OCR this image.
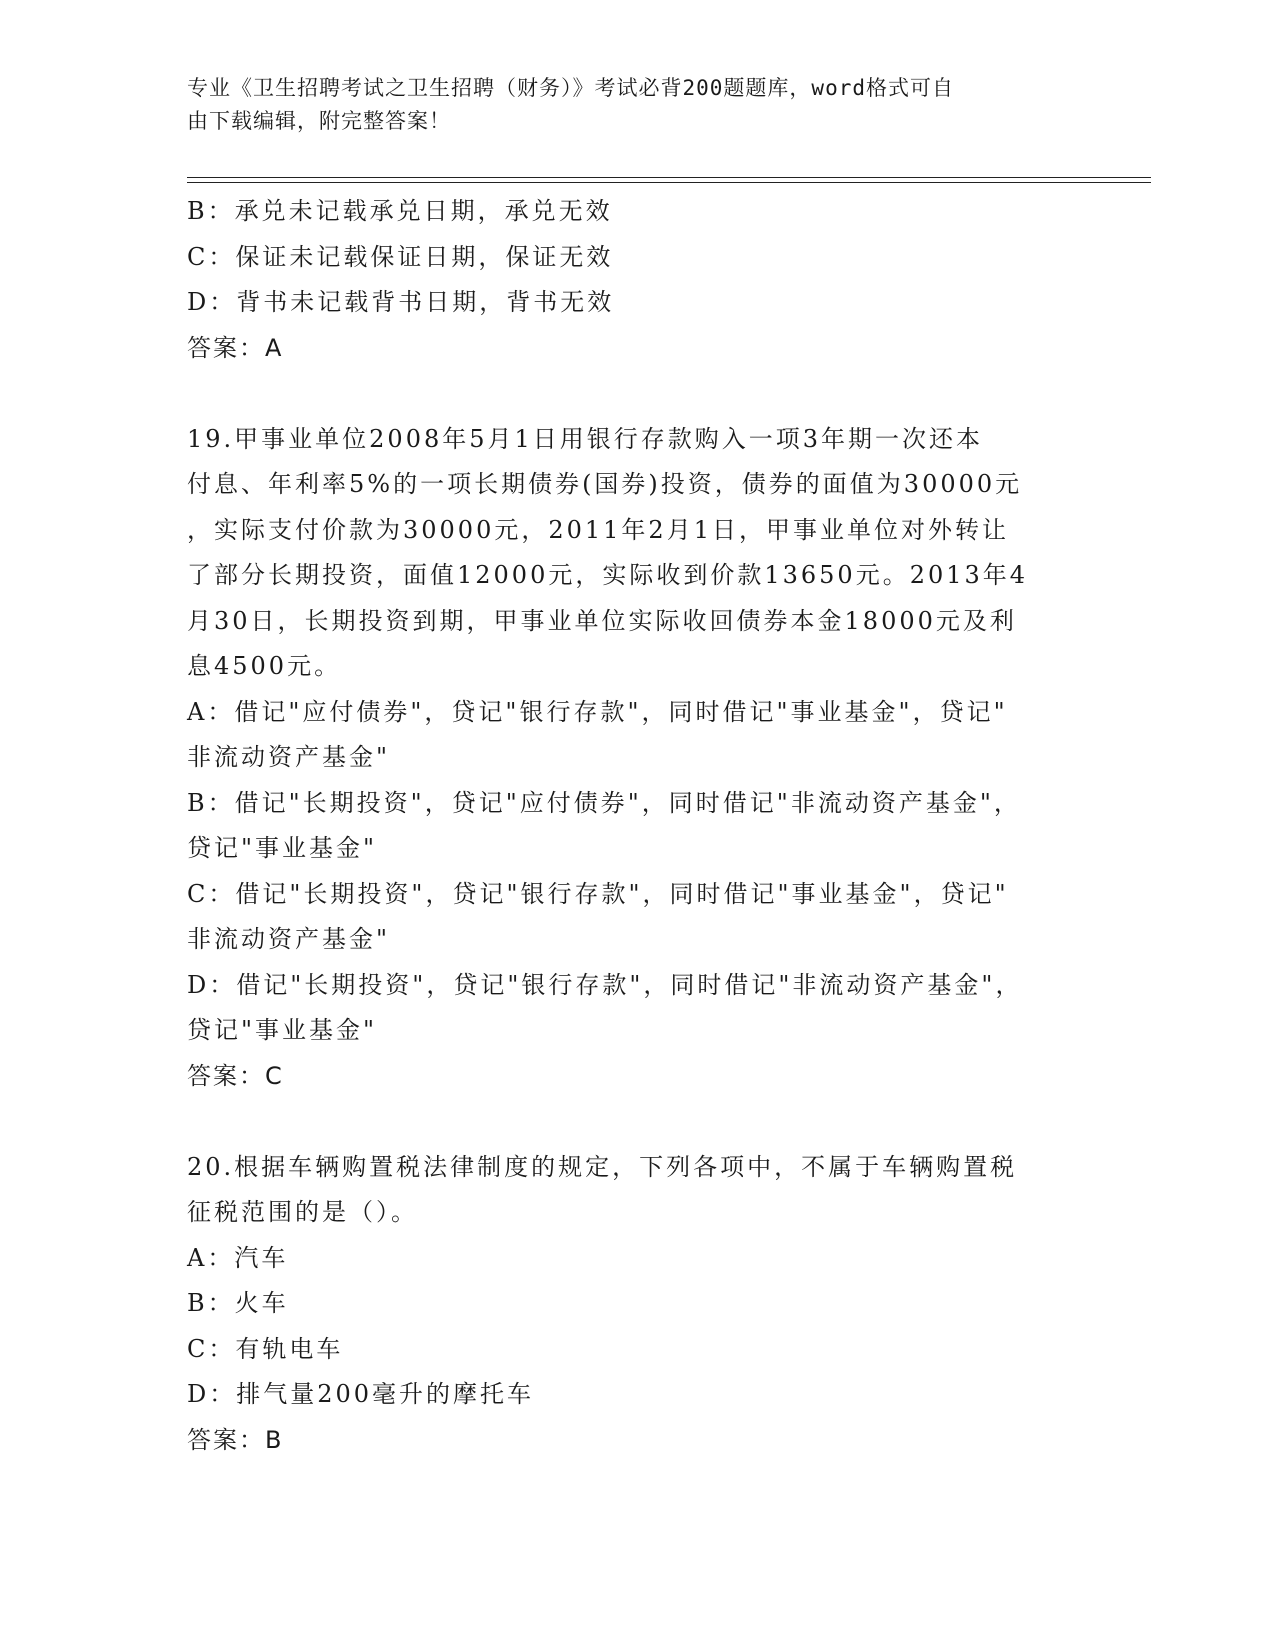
专业《卫生招聘考试之卫生招聘（财务）》考试必背200题题库，word格式可自
由下载编辑，附完整答案！
B：承兑未记载承兑日期，承兑无效
C：保证未记载保证日期，保证无效
D：背书未记载背书日期，背书无效
答案：A
19.甲事业单位2008年5月1日用银行存款购入一项3年期一次还本
付息、年利率5%的一项长期债券(国券)投资，债券的面值为30000元
，实际支付价款为30000元，2011年2月1日，甲事业单位对外转让
了部分长期投资，面值12000元，实际收到价款13650元。2013年4
月30日，长期投资到期，甲事业单位实际收回债券本金18000元及利
息4500元。
A：借记"应付债券"，贷记"银行存款"，同时借记"事业基金"，贷记"
非流动资产基金"
B：借记"长期投资"，贷记"应付债券"，同时借记"非流动资产基金"，
贷记"事业基金"
C：借记"长期投资"，贷记"银行存款"，同时借记"事业基金"，贷记"
非流动资产基金"
D：借记"长期投资"，贷记"银行存款"，同时借记"非流动资产基金"，
贷记"事业基金"
答案：C
20.根据车辆购置税法律制度的规定，下列各项中，不属于车辆购置税
征税范围的是（）。
A：汽车
B：火车
C：有轨电车
D：排气量200毫升的摩托车
答案：B
